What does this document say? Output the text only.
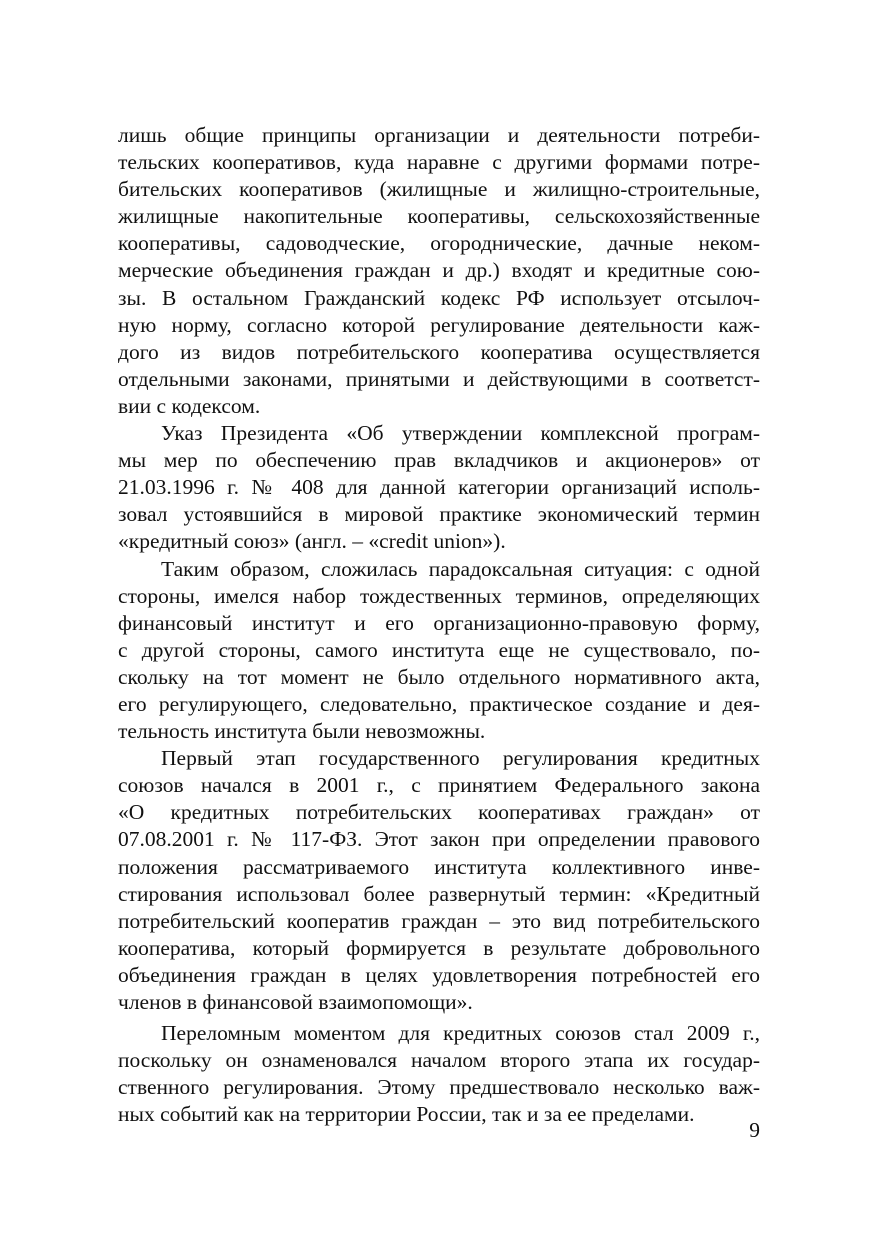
лишь общие принципы организации и деятельности потреби-
тельских кооперативов, куда наравне с другими формами потре-
бительских кооперативов (жилищные и жилищно-строительные,
жилищные накопительные кооперативы, сельскохозяйственные
кооперативы, садоводческие, огороднические, дачные неком-
мерческие объединения граждан и др.) входят и кредитные сою-
зы. В остальном Гражданский кодекс РФ использует отсылоч-
ную норму, согласно которой регулирование деятельности каж-
дого из видов потребительского кооператива осуществляется
отдельными законами, принятыми и действующими в соответст-
вии с кодексом.
Указ Президента «Об утверждении комплексной програм-
мы мер по обеспечению прав вкладчиков и акционеров» от
21.03.1996 г. № 408 для данной категории организаций исполь-
зовал устоявшийся в мировой практике экономический термин
«кредитный союз» (англ. – «credit union»).
Таким образом, сложилась парадоксальная ситуация: с одной
стороны, имелся набор тождественных терминов, определяющих
финансовый институт и его организационно-правовую форму,
с другой стороны, самого института еще не существовало, по-
скольку на тот момент не было отдельного нормативного акта,
его регулирующего, следовательно, практическое создание и дея-
тельность института были невозможны.
Первый этап государственного регулирования кредитных
союзов начался в 2001 г., с принятием Федерального закона
«О кредитных потребительских кооперативах граждан» от
07.08.2001 г. № 117-ФЗ. Этот закон при определении правового
положения рассматриваемого института коллективного инве-
стирования использовал более развернутый термин: «Кредитный
потребительский кооператив граждан – это вид потребительского
кооператива, который формируется в результате добровольного
объединения граждан в целях удовлетворения потребностей его
членов в финансовой взаимопомощи».
Переломным моментом для кредитных союзов стал 2009 г.,
поскольку он ознаменовался началом второго этапа их государ-
ственного регулирования. Этому предшествовало несколько важ-
ных событий как на территории России, так и за ее пределами.
9
